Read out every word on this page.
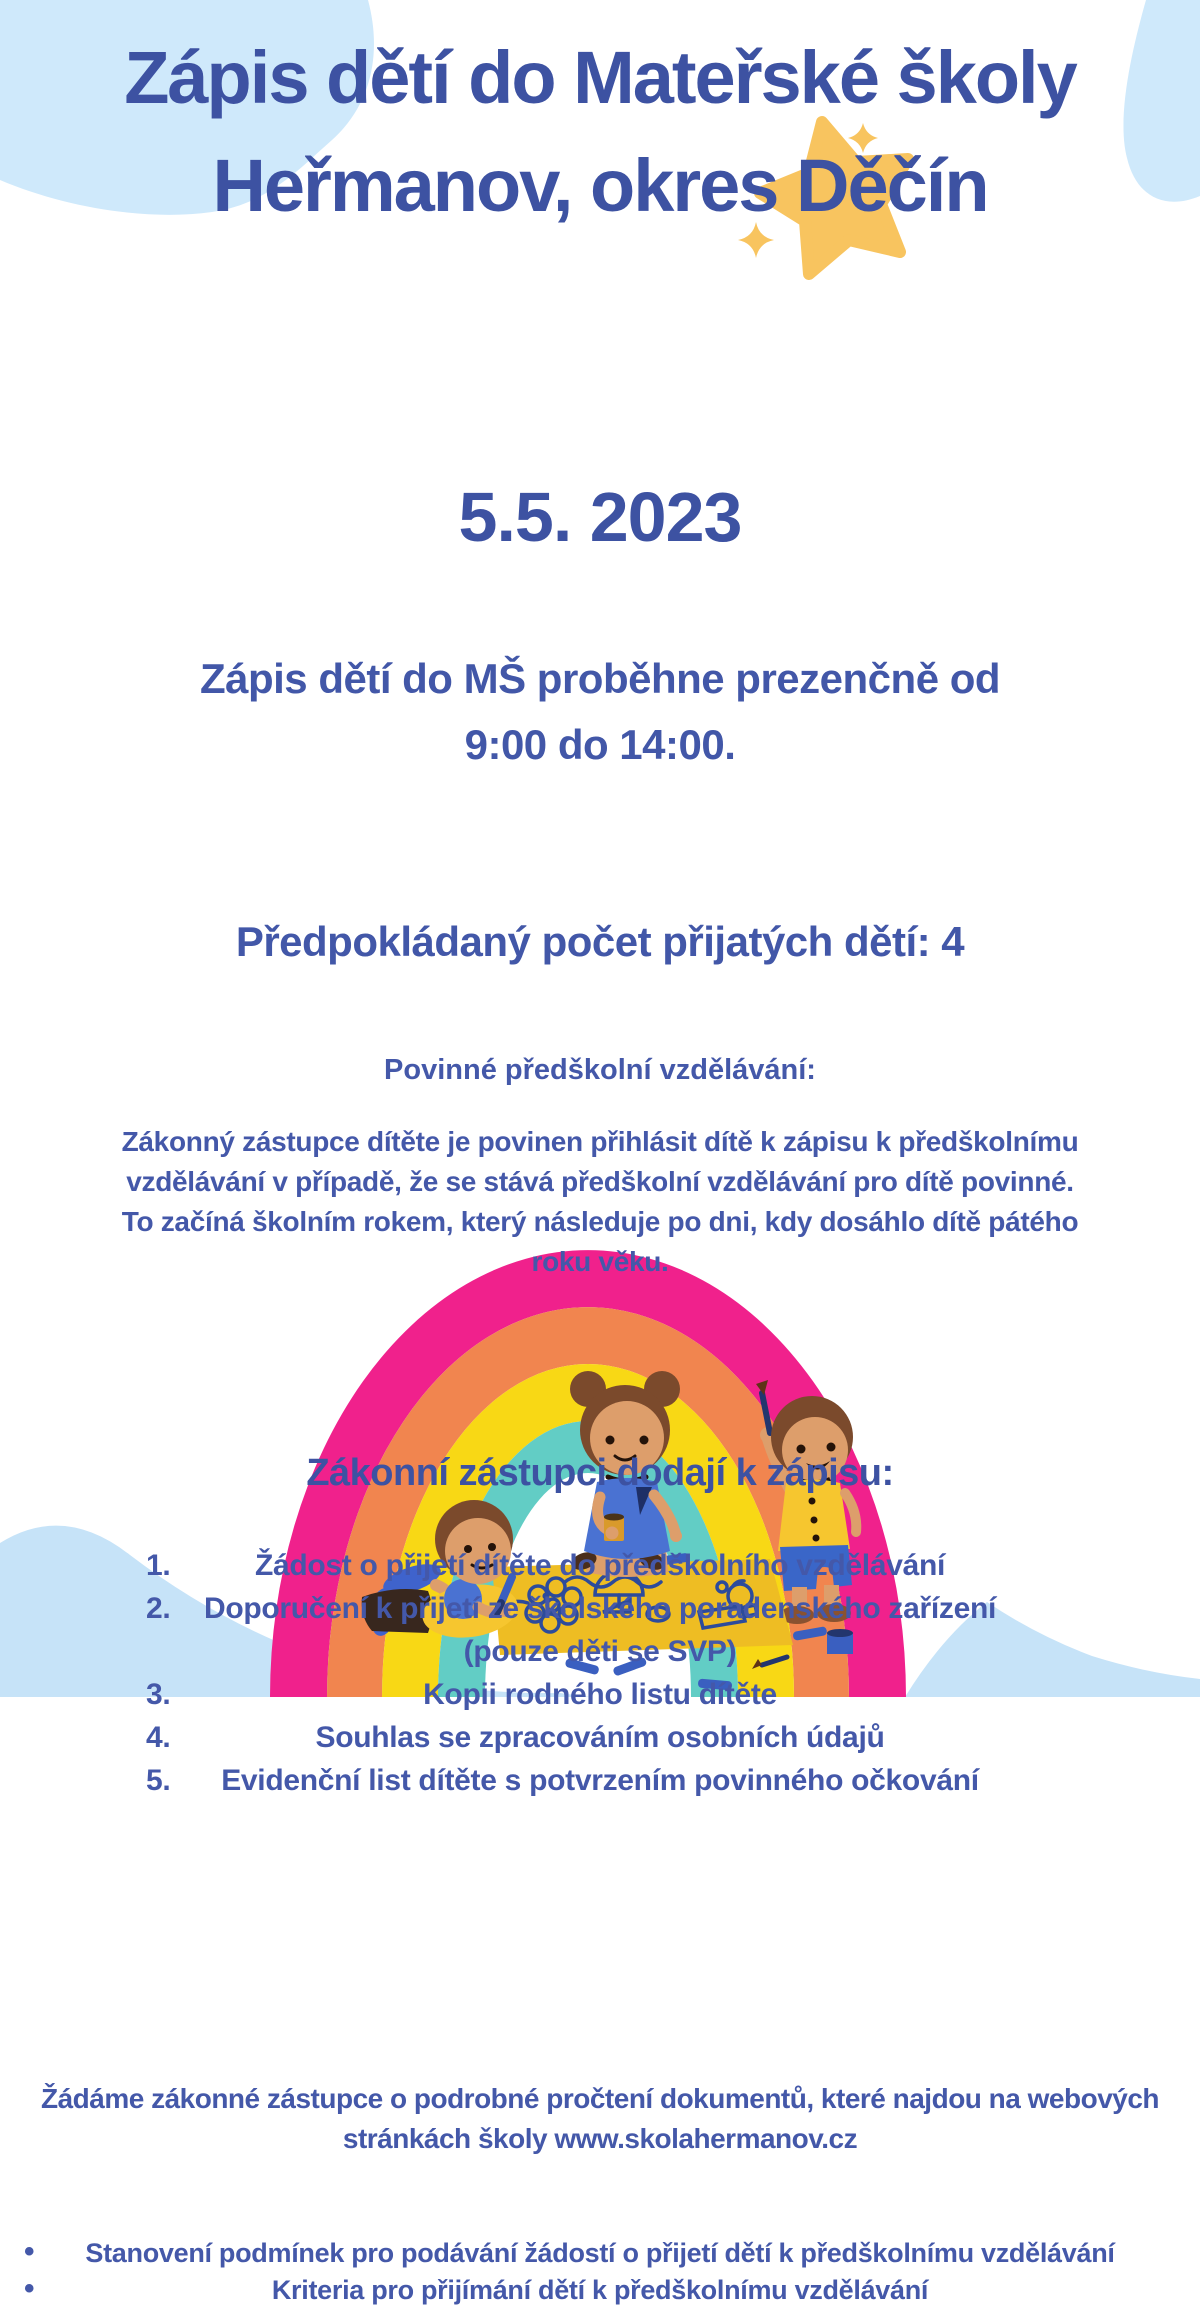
Zápis dětí do Mateřské školy
Heřmanov, okres Děčín
5.5. 2023
Zápis dětí do MŠ proběhne prezenčně od
9:00 do 14:00.
Předpokládaný počet přijatých dětí: 4
Povinné předškolní vzdělávání:
Zákonný zástupce dítěte je povinen přihlásit dítě k zápisu k předškolnímu
vzdělávání v případě, že se stává předškolní vzdělávání pro dítě povinné.
To začíná školním rokem, který následuje po dni, kdy dosáhlo dítě pátého
roku věku.
Zákonní zástupci dodají k zápisu:
1.	Žádost o přijetí dítěte do předškolního vzdělávání
2. Doporučení k přijetí ze školského poradenského zařízení
(pouze děti se SVP)
3.	Kopii rodného listu dítěte
4.	Souhlas se zpracováním osobních údajů
5. Evidenční list dítěte s potvrzením povinného očkování
Žádáme zákonné zástupce o podrobné pročtení dokumentů, které najdou na webových
stránkách školy www.skolahermanov.cz
• Stanovení podmínek pro podávání žádostí o přijetí dětí k předškolnímu vzdělávání
•	Kriteria pro přijímání dětí k předškolnímu vzdělávání
